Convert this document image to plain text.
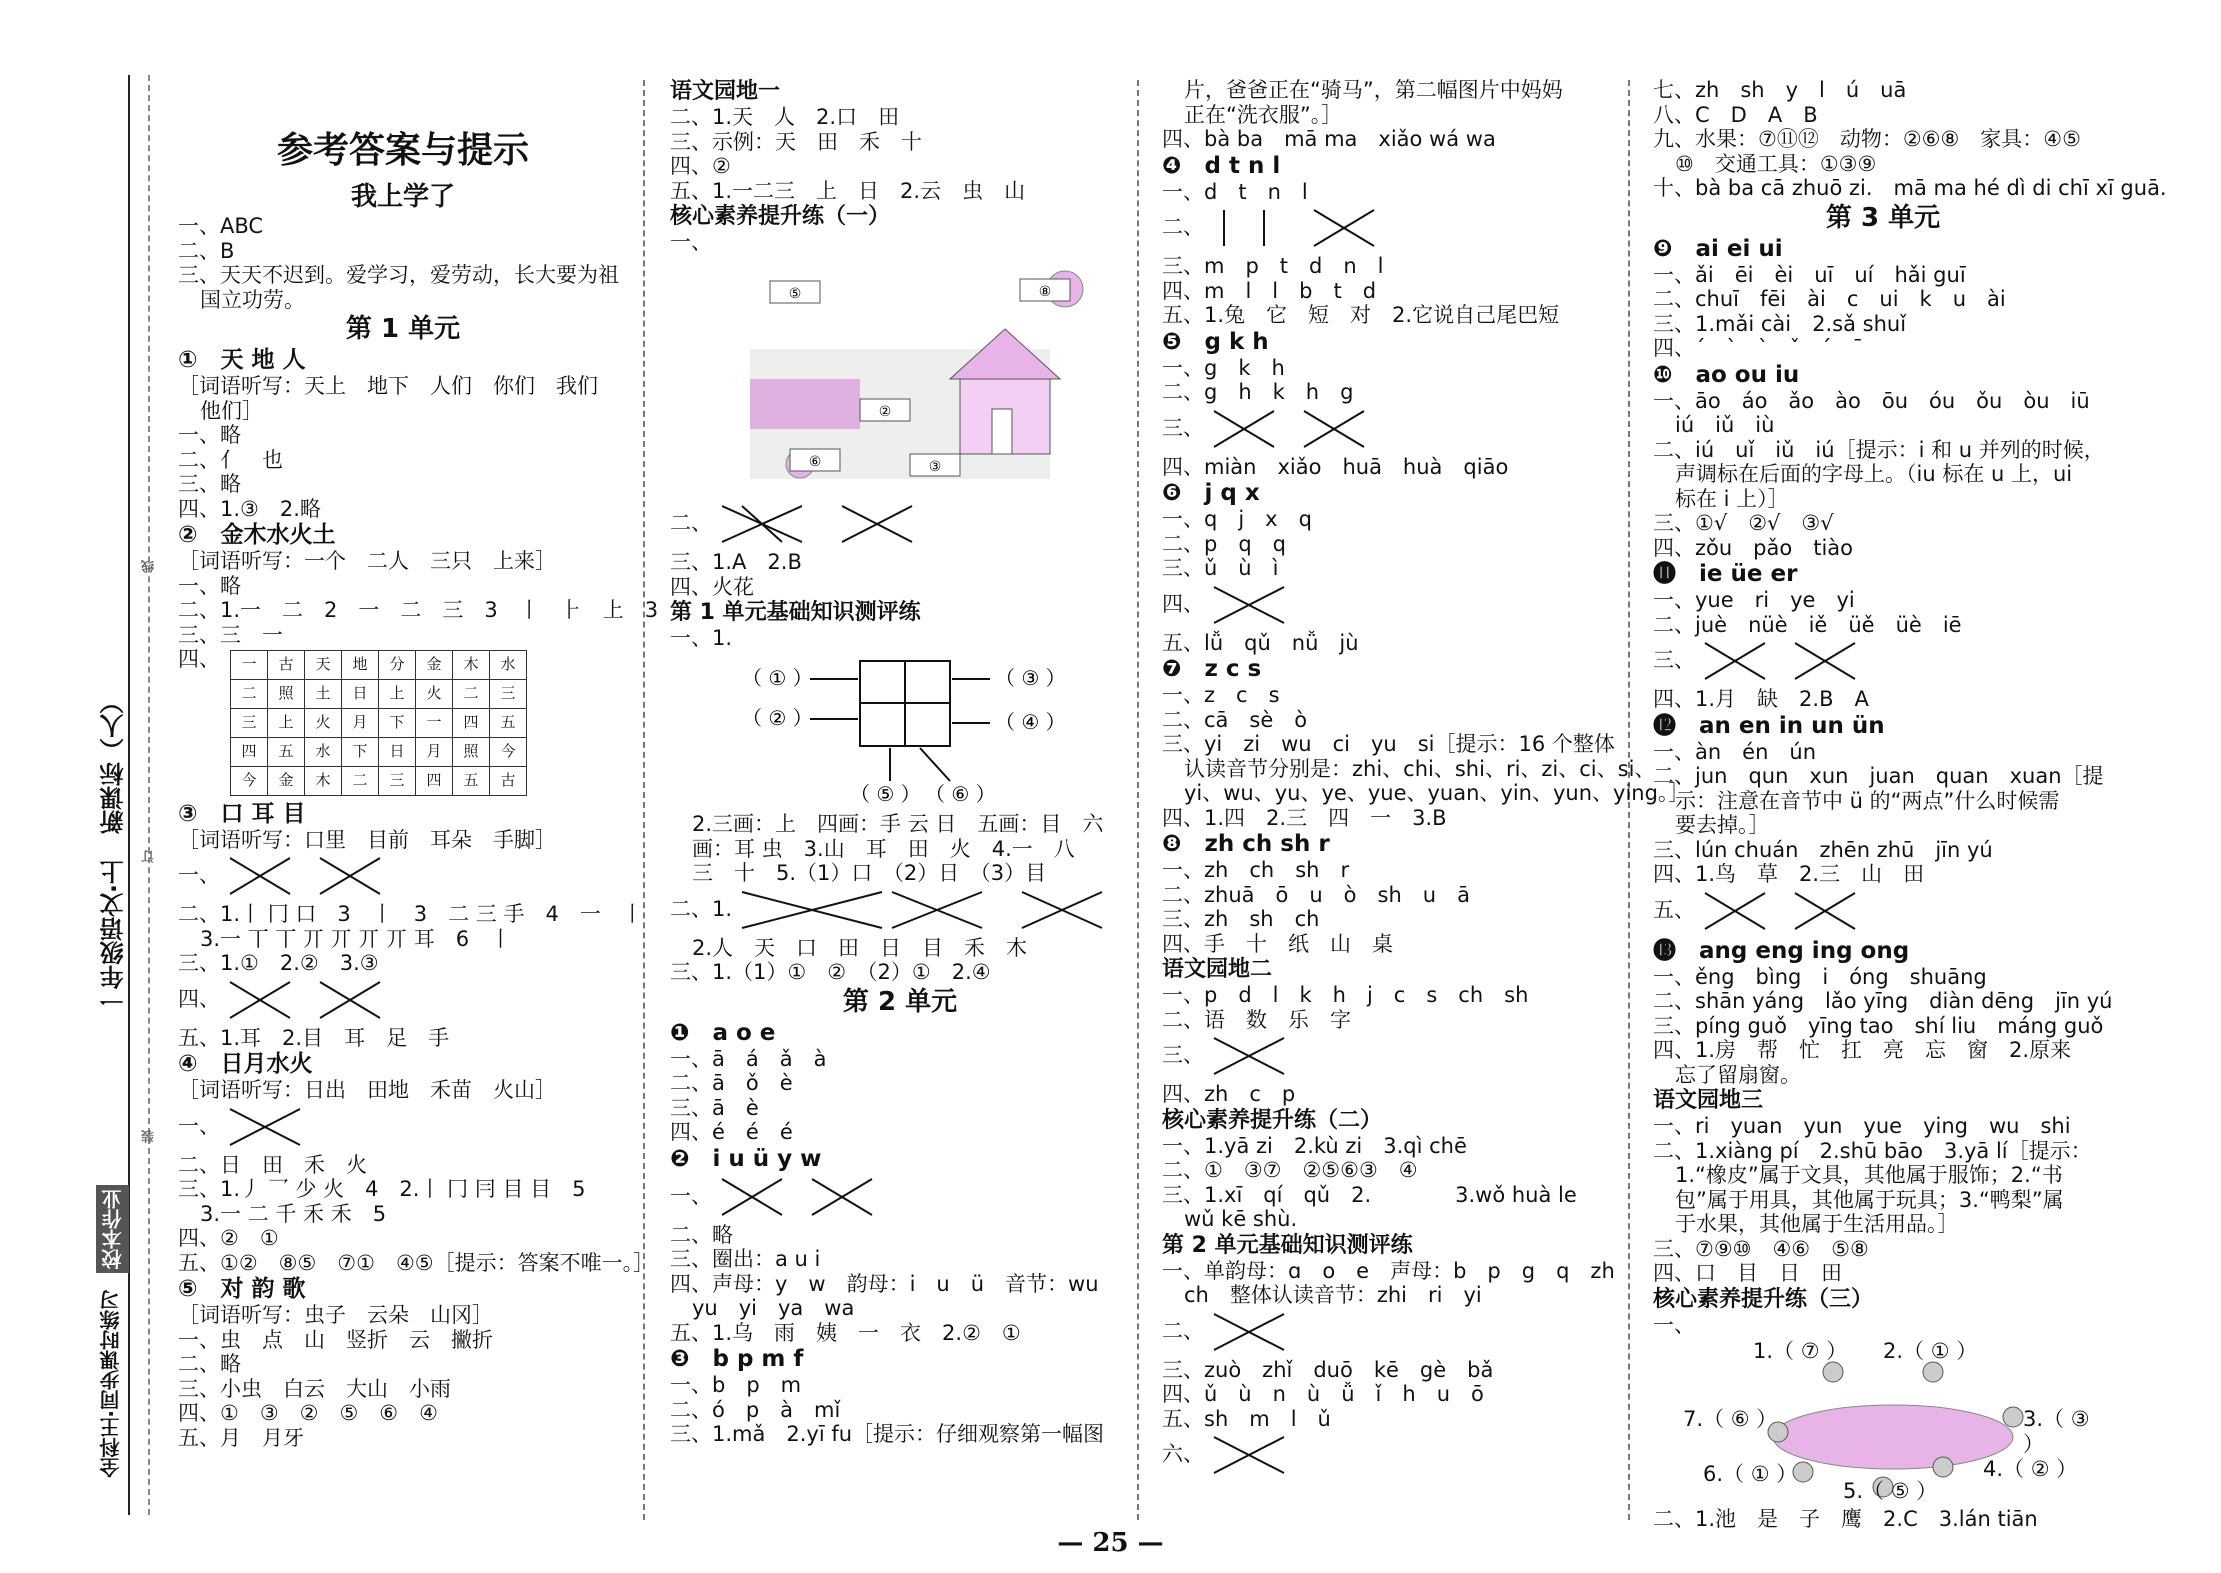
新课标（人）
一年级语文·上
全科王·同步课时练习
校本作业
线
订
装
参考答案与提示
我上学了
一、ABC
二、B
三、天天不迟到。爱学习，爱劳动，长大要为祖
国立功劳。
第 1 单元
①　天 地 人
［词语听写：天上　地下　人们　你们　我们
他们］
一、略
二、亻　也
三、略
四、1.③　2.略
②　金木水火土
［词语听写：一个　二人　三只　上来］
一、略
二、1.一　二　2　一　二　三　3　丨　⺊　上　3
三、三　一
四、	一	古	天	地	分	金	木	水
二	照	土	日	上	火	二	三
三	上	火	月	下	一	四	五
四	五	水	下	日	月	照	今
今	金	木	二	三	四	五	古
③　口 耳 目
［词语听写：口里　目前　耳朵　手脚］
一、
二、1.丨 冂 口　3　丨　3　二 三 手　4　一　丨
3.一 丅 丅 丌 丌 丌 丌 耳　6　丨
三、1.①　2.②　3.③
四、
五、1.耳　2.目　耳　足　手
④　日月水火
［词语听写：日出　田地　禾苗　火山］
一、
二、日　田　禾　火
三、1.丿 乛 少 火　4　2.丨 冂 冃 目 目　5
3.一 二 千 禾 禾　5
四、②　①
五、①②　⑧⑤　⑦①　④⑤［提示：答案不唯一。］
⑤　对 韵 歌
［词语听写：虫子　云朵　山冈］
一、虫　点　山　竖折　云　撇折
二、略
三、小虫　白云　大山　小雨
四、①　③　②　⑤　⑥　④
五、月　月牙
语文园地一
二、1.天　人　2.口　田
三、示例：天　田　禾　十
四、②
五、1.一二三　上　日　2.云　虫　山
核心素养提升练（一）
一、
⑤	⑧
②
⑥	③
二、
三、1.A　2.B
四、火花
第 1 单元基础知识测评练
一、1.
（ ① ）	（ ③ ）
（ ② ）	（ ④ ）
（ ⑤ ） （ ⑥ ）
2.三画：上　四画：手 云 日　五画：目　六
画：耳 虫　3.山　耳　田　火　4.一　八
三　十　5.（1）口　（2）日　（3）目
二、1.
2.人　天　口　田　日　目　禾　木
三、1.（1）①　②　（2）①　2.④
第 2 单元
❶　a o e
一、ā　á　ǎ　à
二、ā　ǒ　è
三、ā　è
四、é　é　é
❷　i u ü y w
一、
二、略
三、圈出：a u i
四、声母：y　w　韵母：i　u　ü　音节：wu
yu　yi　ya　wa
五、1.乌　雨　姨　一　衣　2.②　①
❸　b p m f
一、b　p　m
二、ó　p　à　mǐ
三、1.mǎ　2.yī fu［提示：仔细观察第一幅图
片，爸爸正在“骑马”，第二幅图片中妈妈
正在“洗衣服”。］
四、bà ba　mā ma　xiǎo wá wa
❹　d t n l
一、d　t　n　l
二、
三、m　p　t　d　n　l
四、m　l　l　b　t　d
五、1.兔　它　短　对　2.它说自己尾巴短
❺　g k h
一、g　k　h
二、g　h　k　h　g
三、
四、miàn　xiǎo　huā　huà　qiāo
❻　j q x
一、q　j　x　q
二、p　q　q
三、ǔ　ù　ì
四、
五、lǚ　qǔ　nǚ　jù
❼　z c s
一、z　c　s
二、cā　sè　ò
三、yi　zi　wu　ci　yu　si［提示：16 个整体
认读音节分别是：zhi、chi、shi、ri、zi、ci、si、
yi、wu、yu、ye、yue、yuan、yin、yun、ying。］
四、1.四　2.三　四　一　3.B
❽　zh ch sh r
一、zh　ch　sh　r
二、zhuā　ō　u　ò　sh　u　ā
三、zh　sh　ch
四、手　十　纸　山　桌
语文园地二
一、p　d　l　k　h　j　c　s　ch　sh
二、语　数　乐　字
三、
四、zh　c　p
核心素养提升练（二）
一、1.yā zi　2.kù zi　3.qì chē
二、①　③⑦　②⑤⑥③　④
三、1.xī　qí　qǔ　2.　　　　3.wǒ huà le
wǔ kē shù.
第 2 单元基础知识测评练
一、单韵母：ɑ　o　e　声母：b　p　g　q　zh
ch　整体认读音节：zhi　ri　yi
二、
三、zuò　zhǐ　duō　kē　gè　bǎ
四、ǔ　ù　n　ù　ǚ　ǐ　h　u　ō
五、sh　m　l　ǔ
六、
七、zh　sh　y　l　ú　uā
八、C　D　A　B
九、水果：⑦⑪⑫　动物：②⑥⑧　家具：④⑤
⑩　交通工具：①③⑨
十、bà ba cā zhuō zi.　mā ma hé dì di chī xī guā.
第 3 单元
❾　ai ei ui
一、ǎi　ēi　èi　uī　uí　hǎi guī
二、chuī　fēi　ài　c　ui　k　u　ài
三、1.mǎi cài　2.sǎ shuǐ
四、ˊ　ˋ　ˋ　ˇ　ˊ　ˉ
❿　ao ou iu
一、āo　áo　ǎo　ào　ōu　óu　ǒu　òu　iū
iú　iǔ　iù
二、iú　uǐ　iǔ　iú［提示：i 和 u 并列的时候，
声调标在后面的字母上。（iu 标在 u 上，ui
标在 i 上）］
三、①√　②√　③√
四、zǒu　pǎo　tiào
⓫　ie üe er
一、yue　ri　ye　yi
二、juè　nüè　iě　üě　üè　iē
三、
四、1.月　缺　2.B　A
⓬　an en in un ün
一、àn　én　ún
二、jun　qun　xun　juan　quan　xuan［提
示：注意在音节中 ü 的“两点”什么时候需
要去掉。］
三、lún chuán　zhēn zhū　jīn yú
四、1.鸟　草　2.三　山　田
五、
⓭　ang eng ing ong
一、ěng　bìng　i　óng　shuāng
二、shān yáng　lǎo yīng　diàn dēng　jīn yú
三、píng guǒ　yīng tao　shí liu　máng guǒ
四、1.房　帮　忙　扛　亮　忘　窗　2.原来
忘了留扇窗。
语文园地三
一、ri　yuan　yun　yue　ying　wu　shi
二、1.xiàng pí　2.shū bāo　3.yā lí［提示：
1.“橡皮”属于文具，其他属于服饰；2.“书
包”属于用具，其他属于玩具；3.“鸭梨”属
于水果，其他属于生活用品。］
三、⑦⑨⑩　④⑥　⑤⑧
四、口　目　日　田
核心素养提升练（三）
一、
1.（ ⑦ ） 2.（ ① ）
7.（ ⑥ ）	3.（ ③ ）
6.（ ① ）	4.（ ② ）
5.（ ⑤ ）
二、1.池　是　子　鹰　2.C　3.lán tiān
— 25 —
